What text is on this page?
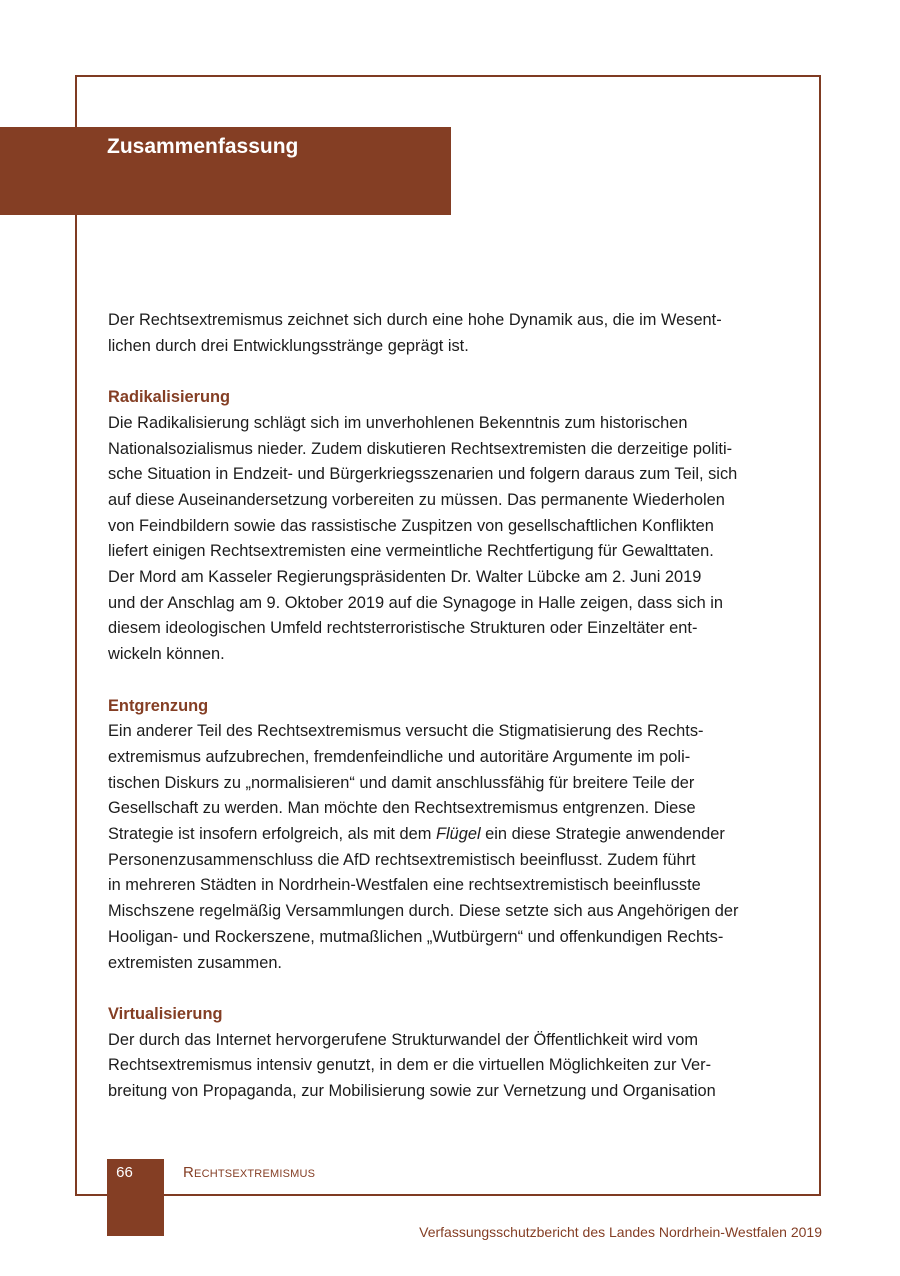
Zusammenfassung

Der Rechtsextremismus zeichnet sich durch eine hohe Dynamik aus, die im Wesent-
lichen durch drei Entwicklungsstränge geprägt ist.

Radikalisierung
Die Radikalisierung schlägt sich im unverhohlenen Bekenntnis zum historischen
Nationalsozialismus nieder. Zudem diskutieren Rechtsextremisten die derzeitige politi-
sche Situation in Endzeit- und Bürgerkriegsszenarien und folgern daraus zum Teil, sich
auf diese Auseinandersetzung vorbereiten zu müssen. Das permanente Wiederholen
von Feindbildern sowie das rassistische Zuspitzen von gesellschaftlichen Konflikten
liefert einigen Rechtsextremisten eine vermeintliche Rechtfertigung für Gewalttaten.
Der Mord am Kasseler Regierungspräsidenten Dr. Walter Lübcke am 2. Juni 2019
und der Anschlag am 9. Oktober 2019 auf die Synagoge in Halle zeigen, dass sich in
diesem ideologischen Umfeld rechtsterroristische Strukturen oder Einzeltäter ent-
wickeln können.

Entgrenzung
Ein anderer Teil des Rechtsextremismus versucht die Stigmatisierung des Rechts-
extremismus aufzubrechen, fremdenfeindliche und autoritäre Argumente im poli-
tischen Diskurs zu „normalisieren“ und damit anschlussfähig für breitere Teile der
Gesellschaft zu werden. Man möchte den Rechtsextremismus entgrenzen. Diese
Strategie ist insofern erfolgreich, als mit dem Flügel ein diese Strategie anwendender
Personenzusammenschluss die AfD rechtsextremistisch beeinflusst. Zudem führt
in mehreren Städten in Nordrhein-Westfalen eine rechtsextremistisch beeinflusste
Mischszene regelmäßig Versammlungen durch. Diese setzte sich aus Angehörigen der
Hooligan- und Rockerszene, mutmaßlichen „Wutbürgern“ und offenkundigen Rechts-
extremisten zusammen.

Virtualisierung
Der durch das Internet hervorgerufene Strukturwandel der Öffentlichkeit wird vom
Rechtsextremismus intensiv genutzt, in dem er die virtuellen Möglichkeiten zur Ver-
breitung von Propaganda, zur Mobilisierung sowie zur Vernetzung und Organisation

66	Rechtsextremismus
Verfassungsschutzbericht des Landes Nordrhein-Westfalen 2019
